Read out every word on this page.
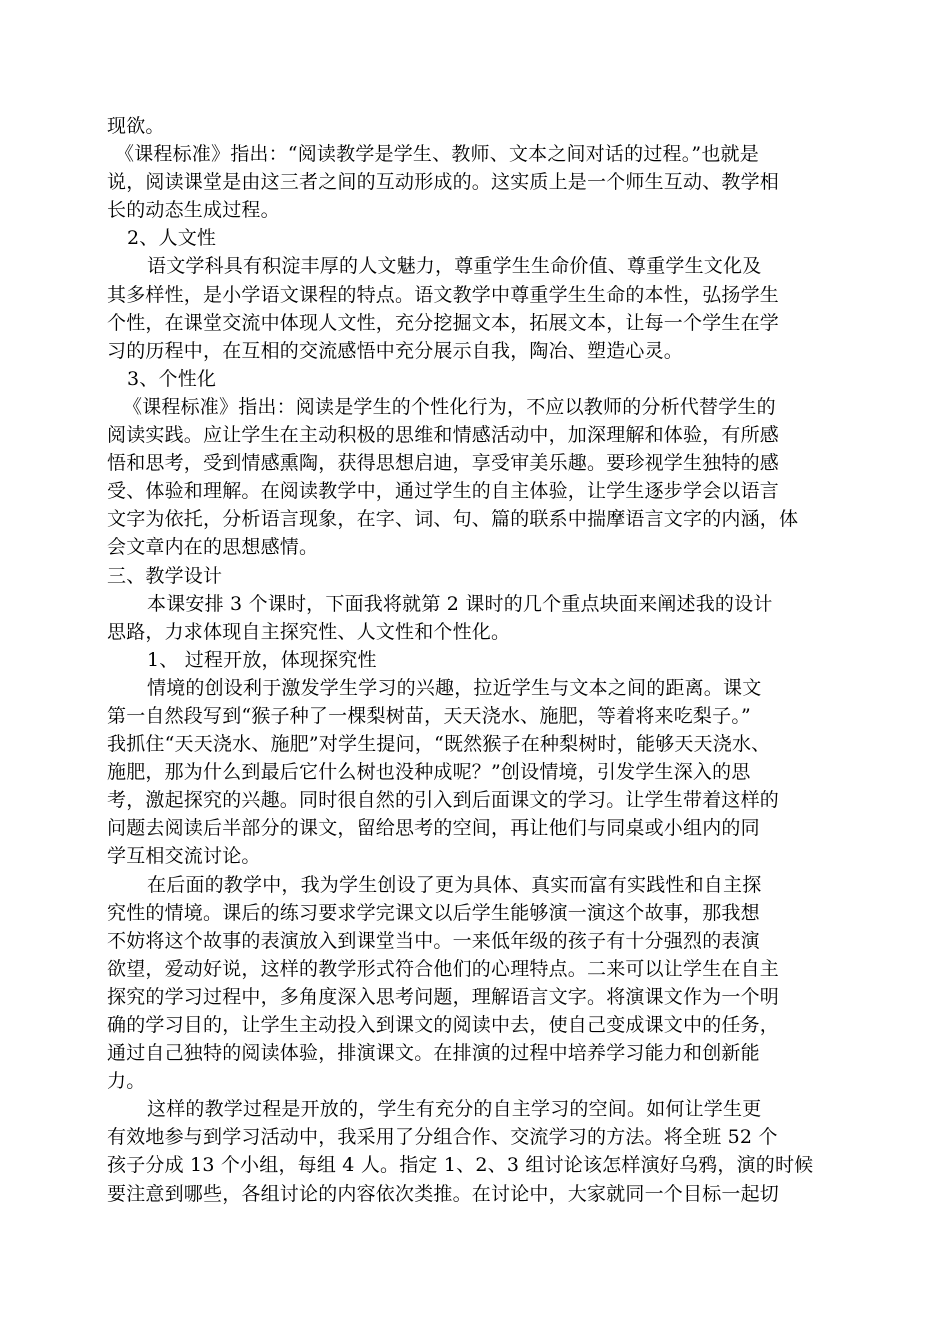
现欲。
《课程标准》指出：“阅读教学是学生、教师、文本之间对话的过程。”也就是
说，阅读课堂是由这三者之间的互动形成的。这实质上是一个师生互动、教学相
长的动态生成过程。
2、人文性
语文学科具有积淀丰厚的人文魅力，尊重学生生命价值、尊重学生文化及
其多样性，是小学语文课程的特点。语文教学中尊重学生生命的本性，弘扬学生
个性，在课堂交流中体现人文性，充分挖掘文本，拓展文本，让每一个学生在学
习的历程中，在互相的交流感悟中充分展示自我，陶冶、塑造心灵。
3、个性化
《课程标准》指出：阅读是学生的个性化行为，不应以教师的分析代替学生的
阅读实践。应让学生在主动积极的思维和情感活动中，加深理解和体验，有所感
悟和思考，受到情感熏陶，获得思想启迪，享受审美乐趣。要珍视学生独特的感
受、体验和理解。在阅读教学中，通过学生的自主体验，让学生逐步学会以语言
文字为依托，分析语言现象，在字、词、句、篇的联系中揣摩语言文字的内涵，体
会文章内在的思想感情。
三、教学设计
本课安排 3 个课时，下面我将就第 2 课时的几个重点块面来阐述我的设计
思路，力求体现自主探究性、人文性和个性化。
1、 过程开放，体现探究性
情境的创设利于激发学生学习的兴趣，拉近学生与文本之间的距离。课文
第一自然段写到“猴子种了一棵梨树苗，天天浇水、施肥，等着将来吃梨子。”
我抓住“天天浇水、施肥”对学生提问，“既然猴子在种梨树时，能够天天浇水、
施肥，那为什么到最后它什么树也没种成呢？”创设情境，引发学生深入的思
考，激起探究的兴趣。同时很自然的引入到后面课文的学习。让学生带着这样的
问题去阅读后半部分的课文，留给思考的空间，再让他们与同桌或小组内的同
学互相交流讨论。
在后面的教学中，我为学生创设了更为具体、真实而富有实践性和自主探
究性的情境。课后的练习要求学完课文以后学生能够演一演这个故事，那我想
不妨将这个故事的表演放入到课堂当中。一来低年级的孩子有十分强烈的表演
欲望，爱动好说，这样的教学形式符合他们的心理特点。二来可以让学生在自主
探究的学习过程中，多角度深入思考问题，理解语言文字。将演课文作为一个明
确的学习目的，让学生主动投入到课文的阅读中去，使自己变成课文中的任务，
通过自己独特的阅读体验，排演课文。在排演的过程中培养学习能力和创新能
力。
这样的教学过程是开放的，学生有充分的自主学习的空间。如何让学生更
有效地参与到学习活动中，我采用了分组合作、交流学习的方法。将全班 52 个
孩子分成 13 个小组，每组 4 人。指定 1、2、3 组讨论该怎样演好乌鸦，演的时候
要注意到哪些，各组讨论的内容依次类推。在讨论中，大家就同一个目标一起切
